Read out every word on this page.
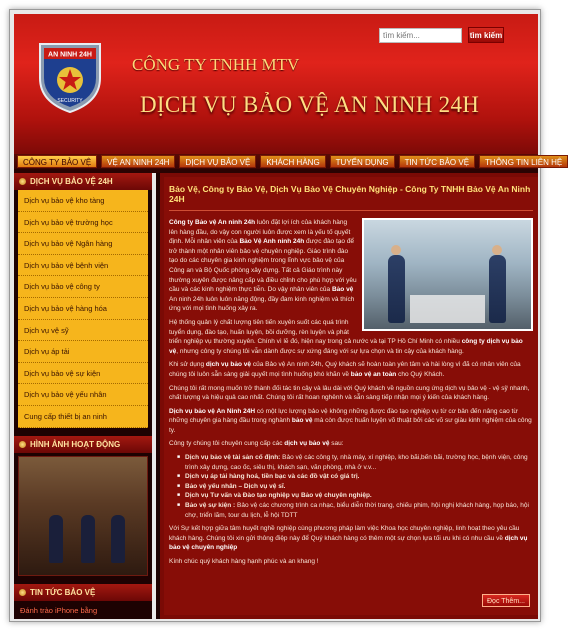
AN NINH 24H
SECURITY
CÔNG TY TNHH MTV
DỊCH VỤ BẢO VỆ AN NINH 24H
tìm kiếm...
tìm kiếm
CÔNG TY BẢO VỆ	VỆ AN NINH 24H	DỊCH VỤ BẢO VỆ	KHÁCH HÀNG	TUYỂN DỤNG	TIN TỨC BẢO VỆ	THÔNG TIN LIÊN HỆ
DỊCH VỤ BẢO VỆ 24H
Dịch vụ bảo vệ kho tàng
Dịch vụ bảo vệ trường học
Dịch vụ bảo vệ Ngân hàng
Dịch vụ bảo vệ bệnh viện
Dịch vụ bảo vệ công ty
Dịch vụ bảo vệ hàng hóa
Dịch vụ vệ sỹ
Dịch vụ áp tải
Dịch vụ bảo vệ sự kiện
Dịch vụ bảo vệ yếu nhân
Cung cấp thiết bị an ninh
HÌNH ẢNH HOẠT ĐỘNG
TIN TỨC BẢO VỆ
Đánh trào iPhone bằng
Bảo Vệ, Công ty Bảo Vệ, Dịch Vụ Bảo Vệ Chuyên Nghiệp - Công Ty TNHH Bảo Vệ An Ninh 24H

Công ty Bảo vệ An ninh 24h luôn đặt lợi ích của khách hàng lên hàng đầu, do vậy con người luôn được xem là yếu tố quyết định. Mỗi nhân viên của Bảo Vệ Anh ninh 24h được đào tạo để trở thành một nhân viên bảo vệ chuyên nghiệp. Giáo trình đào tạo do các chuyên gia kinh nghiệm trong lĩnh vực bảo vệ của Công an và Bộ Quốc phòng xây dựng. Tất cả Giáo trình này thường xuyên được nâng cấp và điều chỉnh cho phù hợp với yêu cầu và các kinh nghiệm thực tiễn. Do vậy nhân viên của Bảo vệ An ninh 24h luôn luôn năng động, đầy đam kinh nghiệm và thích ứng với mọi tình huống xảy ra.

Hệ thống quản lý chất lượng tiên tiến xuyên suốt các quá trình tuyển dụng, đào tạo, huấn luyện, bồi dưỡng, rèn luyện và phát triển nghiệp vụ thường xuyên. Chính vì lẽ đó, hiện nay trong cả nước và tại TP Hồ Chí Minh có nhiều công ty dịch vụ bảo vệ, nhưng công ty chúng tôi vẫn dành được sự xứng đáng với sự lựa chọn và tin cậy của khách hàng.

Khi sử dụng dịch vụ bảo vệ của Bảo vệ An ninh 24h, Quý khách sẽ hoàn toàn yên tâm và hài lòng vì đã có nhân viên của chúng tôi luôn sẵn sàng giải quyết mọi tình huống khó khăn về bảo vệ an toàn cho Quý Khách.

Chúng tôi rất mong muốn trở thành đối tác tin cậy và lâu dài với Quý khách về nguồn cung ứng dịch vụ bảo vệ - vệ sỹ nhanh, chất lượng và hiệu quả cao nhất. Chúng tôi rất hoan nghênh và sẵn sàng tiếp nhận mọi ý kiến của khách hàng.

Dịch vụ bảo vệ An Ninh 24H có một lực lượng bảo vệ không những được đào tạo nghiệp vụ từ cơ bản đến nâng cao từ những chuyên gia hàng đầu trong nghành bảo vệ mà còn được huấn luyện võ thuật bởi các võ sư giàu kinh nghiệm của công ty.

Công ty chúng tôi chuyên cung cấp các dịch vụ bảo vệ sau:

■ Dịch vụ bảo vệ tài sản cố định: Bảo vệ các công ty, nhà máy, xí nghiệp, kho bãi,bến bãi, trường học, bệnh viện, công trình xây dựng, cao ốc, siêu thị, khách sạn, văn phòng, nhà ở v.v...
■ Dịch vụ áp tải hàng hoá, tiền bạc và các đồ vật có giá trị.
■ Bảo vệ yếu nhân – Dịch vụ vệ sĩ.
■ Dịch vụ Tư vấn và Đào tạo nghiệp vụ Bảo vệ chuyên nghiệp.
■ Bảo vệ sự kiện : Bảo vệ các chương trình ca nhạc, biểu diễn thời trang, chiếu phim, hội nghị khách hàng, họp báo, hội chợ, triển lãm, tour du lịch, lễ hội TDTT

Với Sự kết hợp giữa tâm huyết nghề nghiệp cùng phương pháp làm việc Khoa học chuyên nghiệp, linh hoạt theo yêu cầu khách hàng. Chúng tôi xin gửi thông điệp này để Quý khách hàng có thêm một sự chọn lựa tối ưu khi có nhu cầu về dịch vụ bảo vệ chuyên nghiệp

Kính chúc quý khách hàng hạnh phúc và an khang !

Đọc Thêm...
